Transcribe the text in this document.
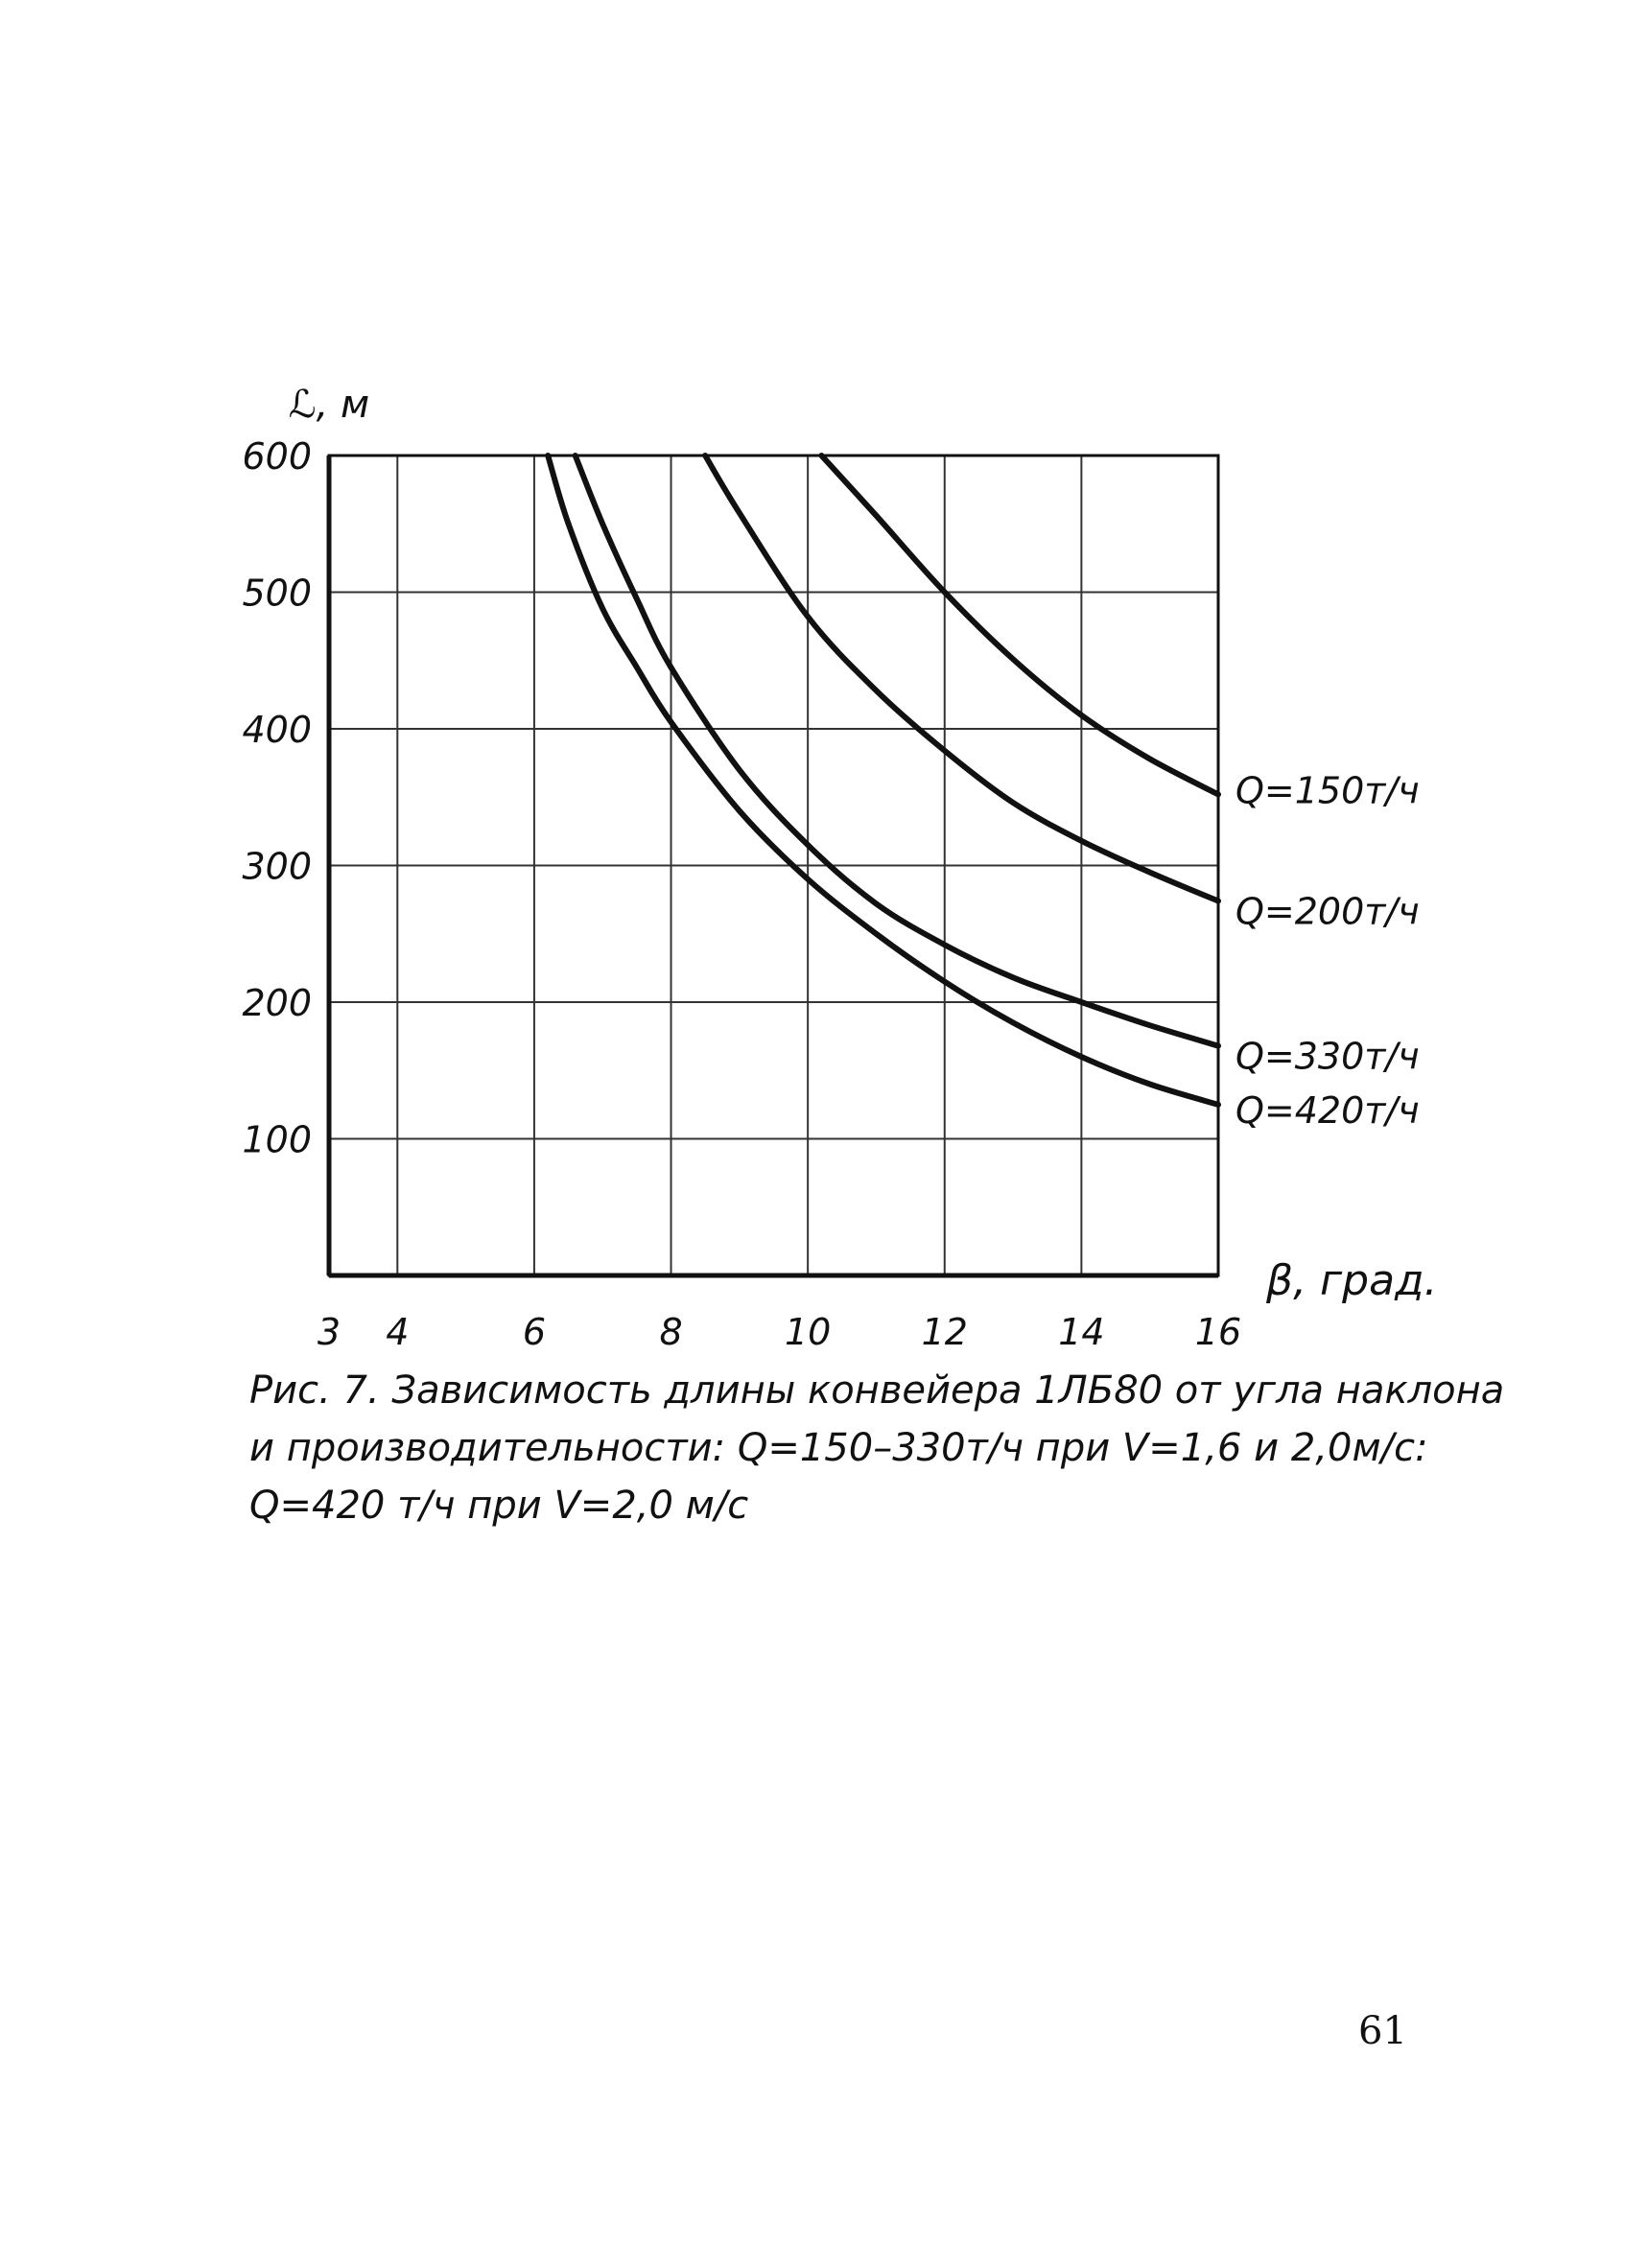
3 4	6	8	10 12 14 16
100
200
300
400
500
600
ℒ, м
β, град.
Q=150т/ч
Q=200т/ч
Q=330т/ч
Q=420т/ч
Рис. 7. Зависимость длины конвейера 1ЛБ80 от угла наклона
и производительности: Q=150–330т/ч при V=1,6 и 2,0м/с:
Q=420 т/ч при V=2,0 м/с
61
